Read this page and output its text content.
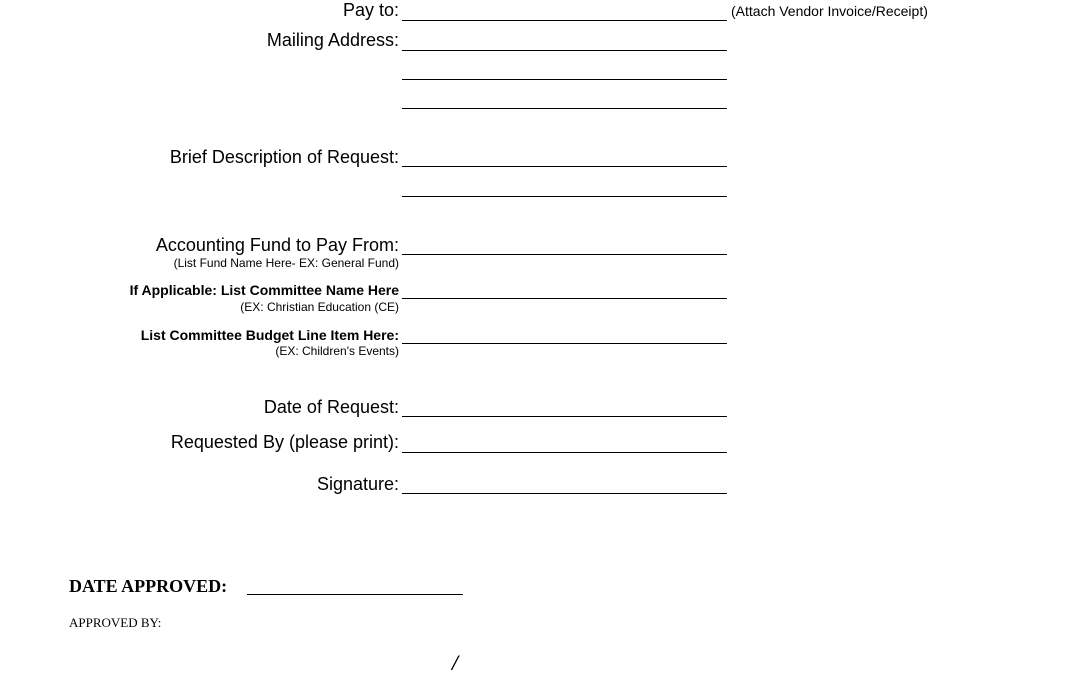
Pay to:	(Attach Vendor Invoice/Receipt)
Mailing Address:
Brief Description of Request:
Accounting Fund to Pay From:
(List Fund Name Here- EX: General Fund)
If Applicable: List Committee Name Here
(EX: Christian Education (CE)
List Committee Budget Line Item Here:
(EX: Children's Events)
Date of Request:
Requested By (please print):
Signature:
DATE APPROVED:
APPROVED BY:
/
